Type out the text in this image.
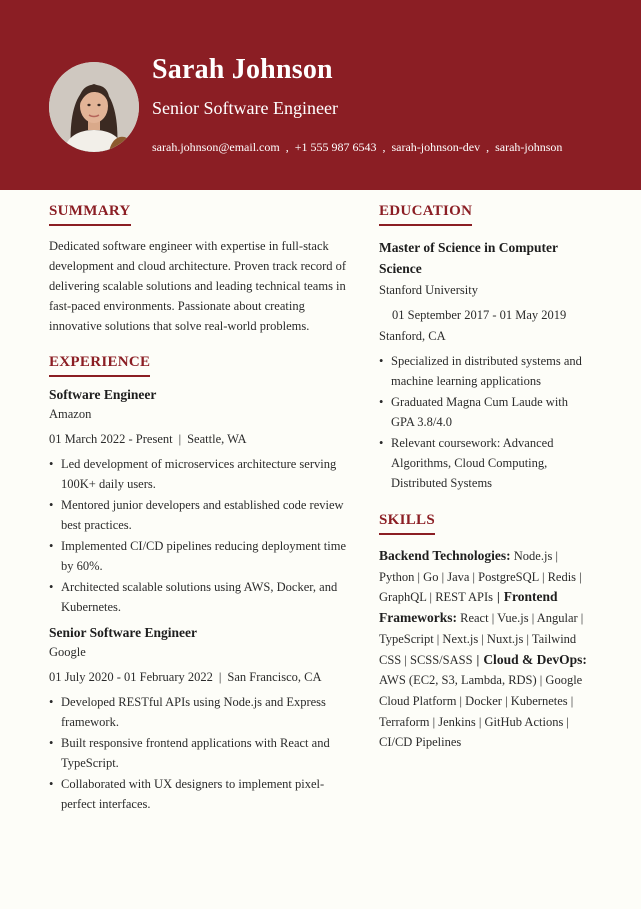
Sarah Johnson
Senior Software Engineer
sarah.johnson@email.com , +1 555 987 6543 , sarah-johnson-dev , sarah-johnson
SUMMARY
Dedicated software engineer with expertise in full-stack development and cloud architecture. Proven track record of delivering scalable solutions and leading technical teams in fast-paced environments. Passionate about creating innovative solutions that solve real-world problems.
EXPERIENCE
Software Engineer
Amazon
01 March 2022 - Present | Seattle, WA
• Led development of microservices architecture serving 100K+ daily users.
• Mentored junior developers and established code review best practices.
• Implemented CI/CD pipelines reducing deployment time by 60%.
• Architected scalable solutions using AWS, Docker, and Kubernetes.
Senior Software Engineer
Google
01 July 2020 - 01 February 2022 | San Francisco, CA
• Developed RESTful APIs using Node.js and Express framework.
• Built responsive frontend applications with React and TypeScript.
• Collaborated with UX designers to implement pixel-perfect interfaces.
EDUCATION
Master of Science in Computer Science
Stanford University
01 September 2017 - 01 May 2019
Stanford, CA
• Specialized in distributed systems and machine learning applications
• Graduated Magna Cum Laude with GPA 3.8/4.0
• Relevant coursework: Advanced Algorithms, Cloud Computing, Distributed Systems
SKILLS
Backend Technologies: Node.js | Python | Go | Java | PostgreSQL | Redis | GraphQL | REST APIs | Frontend Frameworks: React | Vue.js | Angular | TypeScript | Next.js | Nuxt.js | Tailwind CSS | SCSS/SASS | Cloud & DevOps: AWS (EC2, S3, Lambda, RDS) | Google Cloud Platform | Docker | Kubernetes | Terraform | Jenkins | GitHub Actions | CI/CD Pipelines
